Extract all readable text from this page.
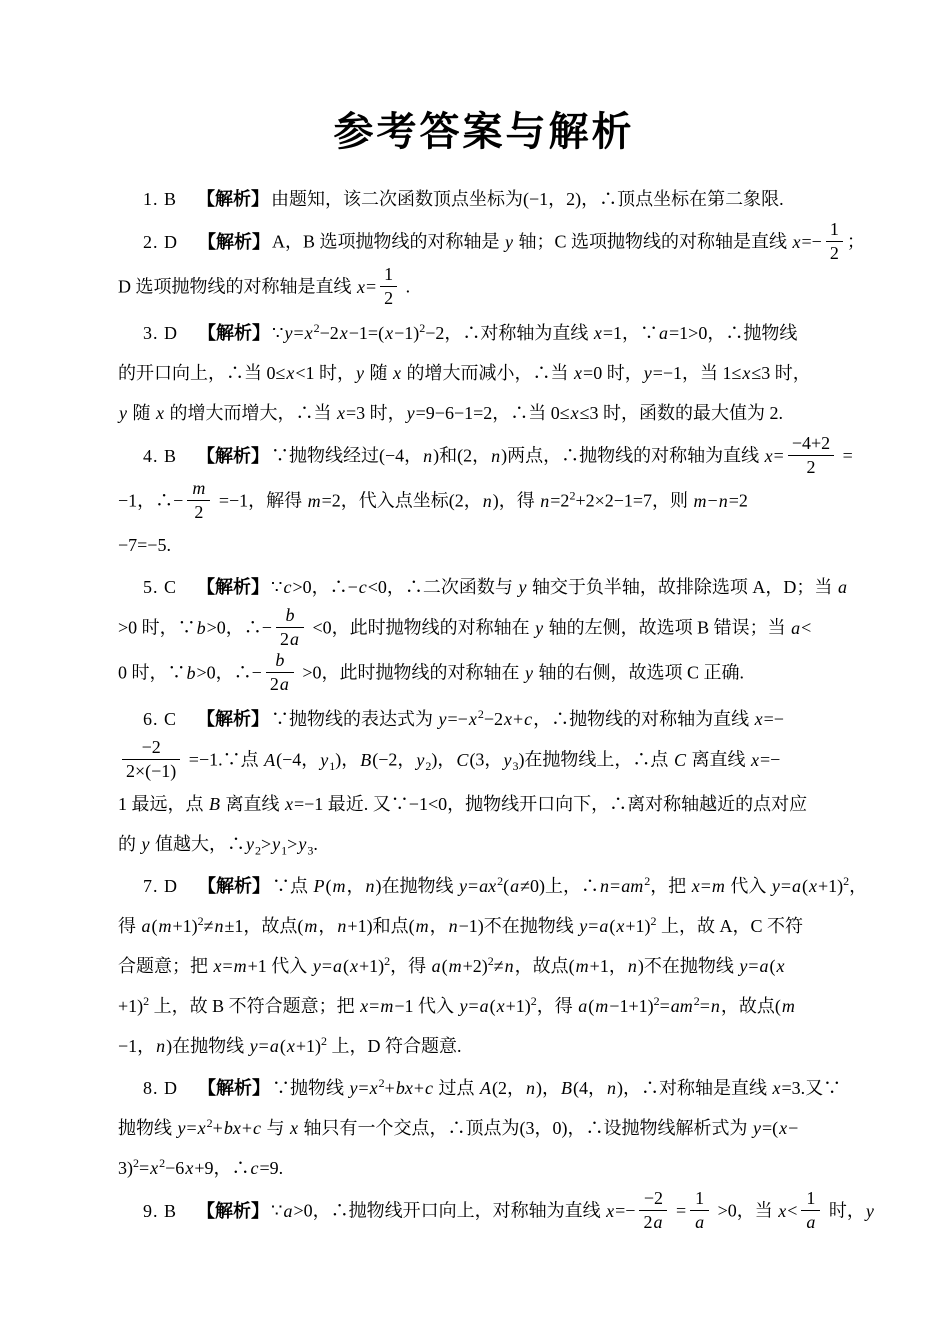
参考答案与解析
1. B 【解析】 由题知，该二次函数顶点坐标为(−1，2)，∴顶点坐标在第二象限.
2. D 【解析】 A，B 选项抛物线的对称轴是 y 轴；C 选项抛物线的对称轴是直线 $x=- \frac{1}{2}$ ；
D 选项抛物线的对称轴是直线 $x= \frac{1}{2}$ .
3. D 【解析】 $\because y=x^2-2x-1=(x-1)^2-2$，∴对称轴为直线 x=1，∵a=1>0，∴抛物线
的开口向上，∴当 0≤x<1 时，y 随 x 的增大而减小，∴当 x=0 时，y=−1，当 1≤x≤3 时，
y 随 x 的增大而增大，∴当 x=3 时，y=9−6−1=2，∴当 0≤x≤3 时，函数的最大值为 2.
4. B 【解析】 ∵抛物线经过(−4，n)和(2，n)两点，∴抛物线的对称轴为直线 $x= \frac{-4+2}{2}$ =
−1，∴− $\frac{m}{2} =-1$，解得 m=2，代入点坐标(2，n)，得 $n=2^2+2\times 2-1=7$，则 m−n=2
−7=−5.
5. C 【解析】 ∵c>0，∴−c<0，∴二次函数与 y 轴交于负半轴，故排除选项 A，D；当 a
>0 时，∵b>0，∴− $\frac{b}{2a} <0$，此时抛物线的对称轴在 y 轴的左侧，故选项 B 错误；当 a<
0 时，∵b>0，∴− $\frac{b}{2a} >0$，此时抛物线的对称轴在 y 轴的右侧，故选项 C 正确.
6. C 【解析】 ∵抛物线的表达式为 $y=-x^2-2x+c$，∴抛物线的对称轴为直线 x=−
$\frac{-2}{2\times(-1)}$ =−1.∵点 A(−4，$y_1$)，B(−2，$y_2$)，C(3，$y_3$)在抛物线上，∴点 C 离直线 x=−
1 最远，点 B 离直线 x=−1 最近. 又∵−1<0，抛物线开口向下，∴离对称轴越近的点对应
的 y 值越大，$\therefore y_2>y_1>y_3$.
7. D 【解析】 ∵点 P(m，n)在抛物线 $y=ax^2(a\ne 0)$上，$\therefore n=am^2$，把 x=m 代入 $y=a(x+1)^2$，
得 $a(m+1)^2\ne n\pm 1$，故点(m，n+1)和点(m，n−1)不在抛物线 $y=a(x+1)^2$ 上，故 A，C 不符
合题意；把 x=m+1 代入 $y=a(x+1)^2$，得 $a(m+2)^2\ne n$，故点(m+1，n)不在抛物线 y=a(x
+1)$^2$ 上，故 B 不符合题意；把 x=m−1 代入 $y=a(x+1)^2$，得 $a(m-1+1)^2=am^2=n$，故点(m
−1，n)在抛物线 $y=a(x+1)^2$ 上，D 符合题意.
8. D 【解析】 ∵抛物线 $y=x^2+bx+c$ 过点 A(2，n)，B(4，n)，∴对称轴是直线 x=3.又∵
抛物线 $y=x^2+bx+c$ 与 x 轴只有一个交点，∴顶点为(3，0)，∴设抛物线解析式为 y=(x−
$3)^2=x^2-6x+9$，∴c=9.
9. B 【解析】 ∵a>0，∴抛物线开口向上，对称轴为直线 $x=- \frac{-2}{2a} = \frac{1}{a} >0$，当 $x< \frac{1}{a}$ 时，y
